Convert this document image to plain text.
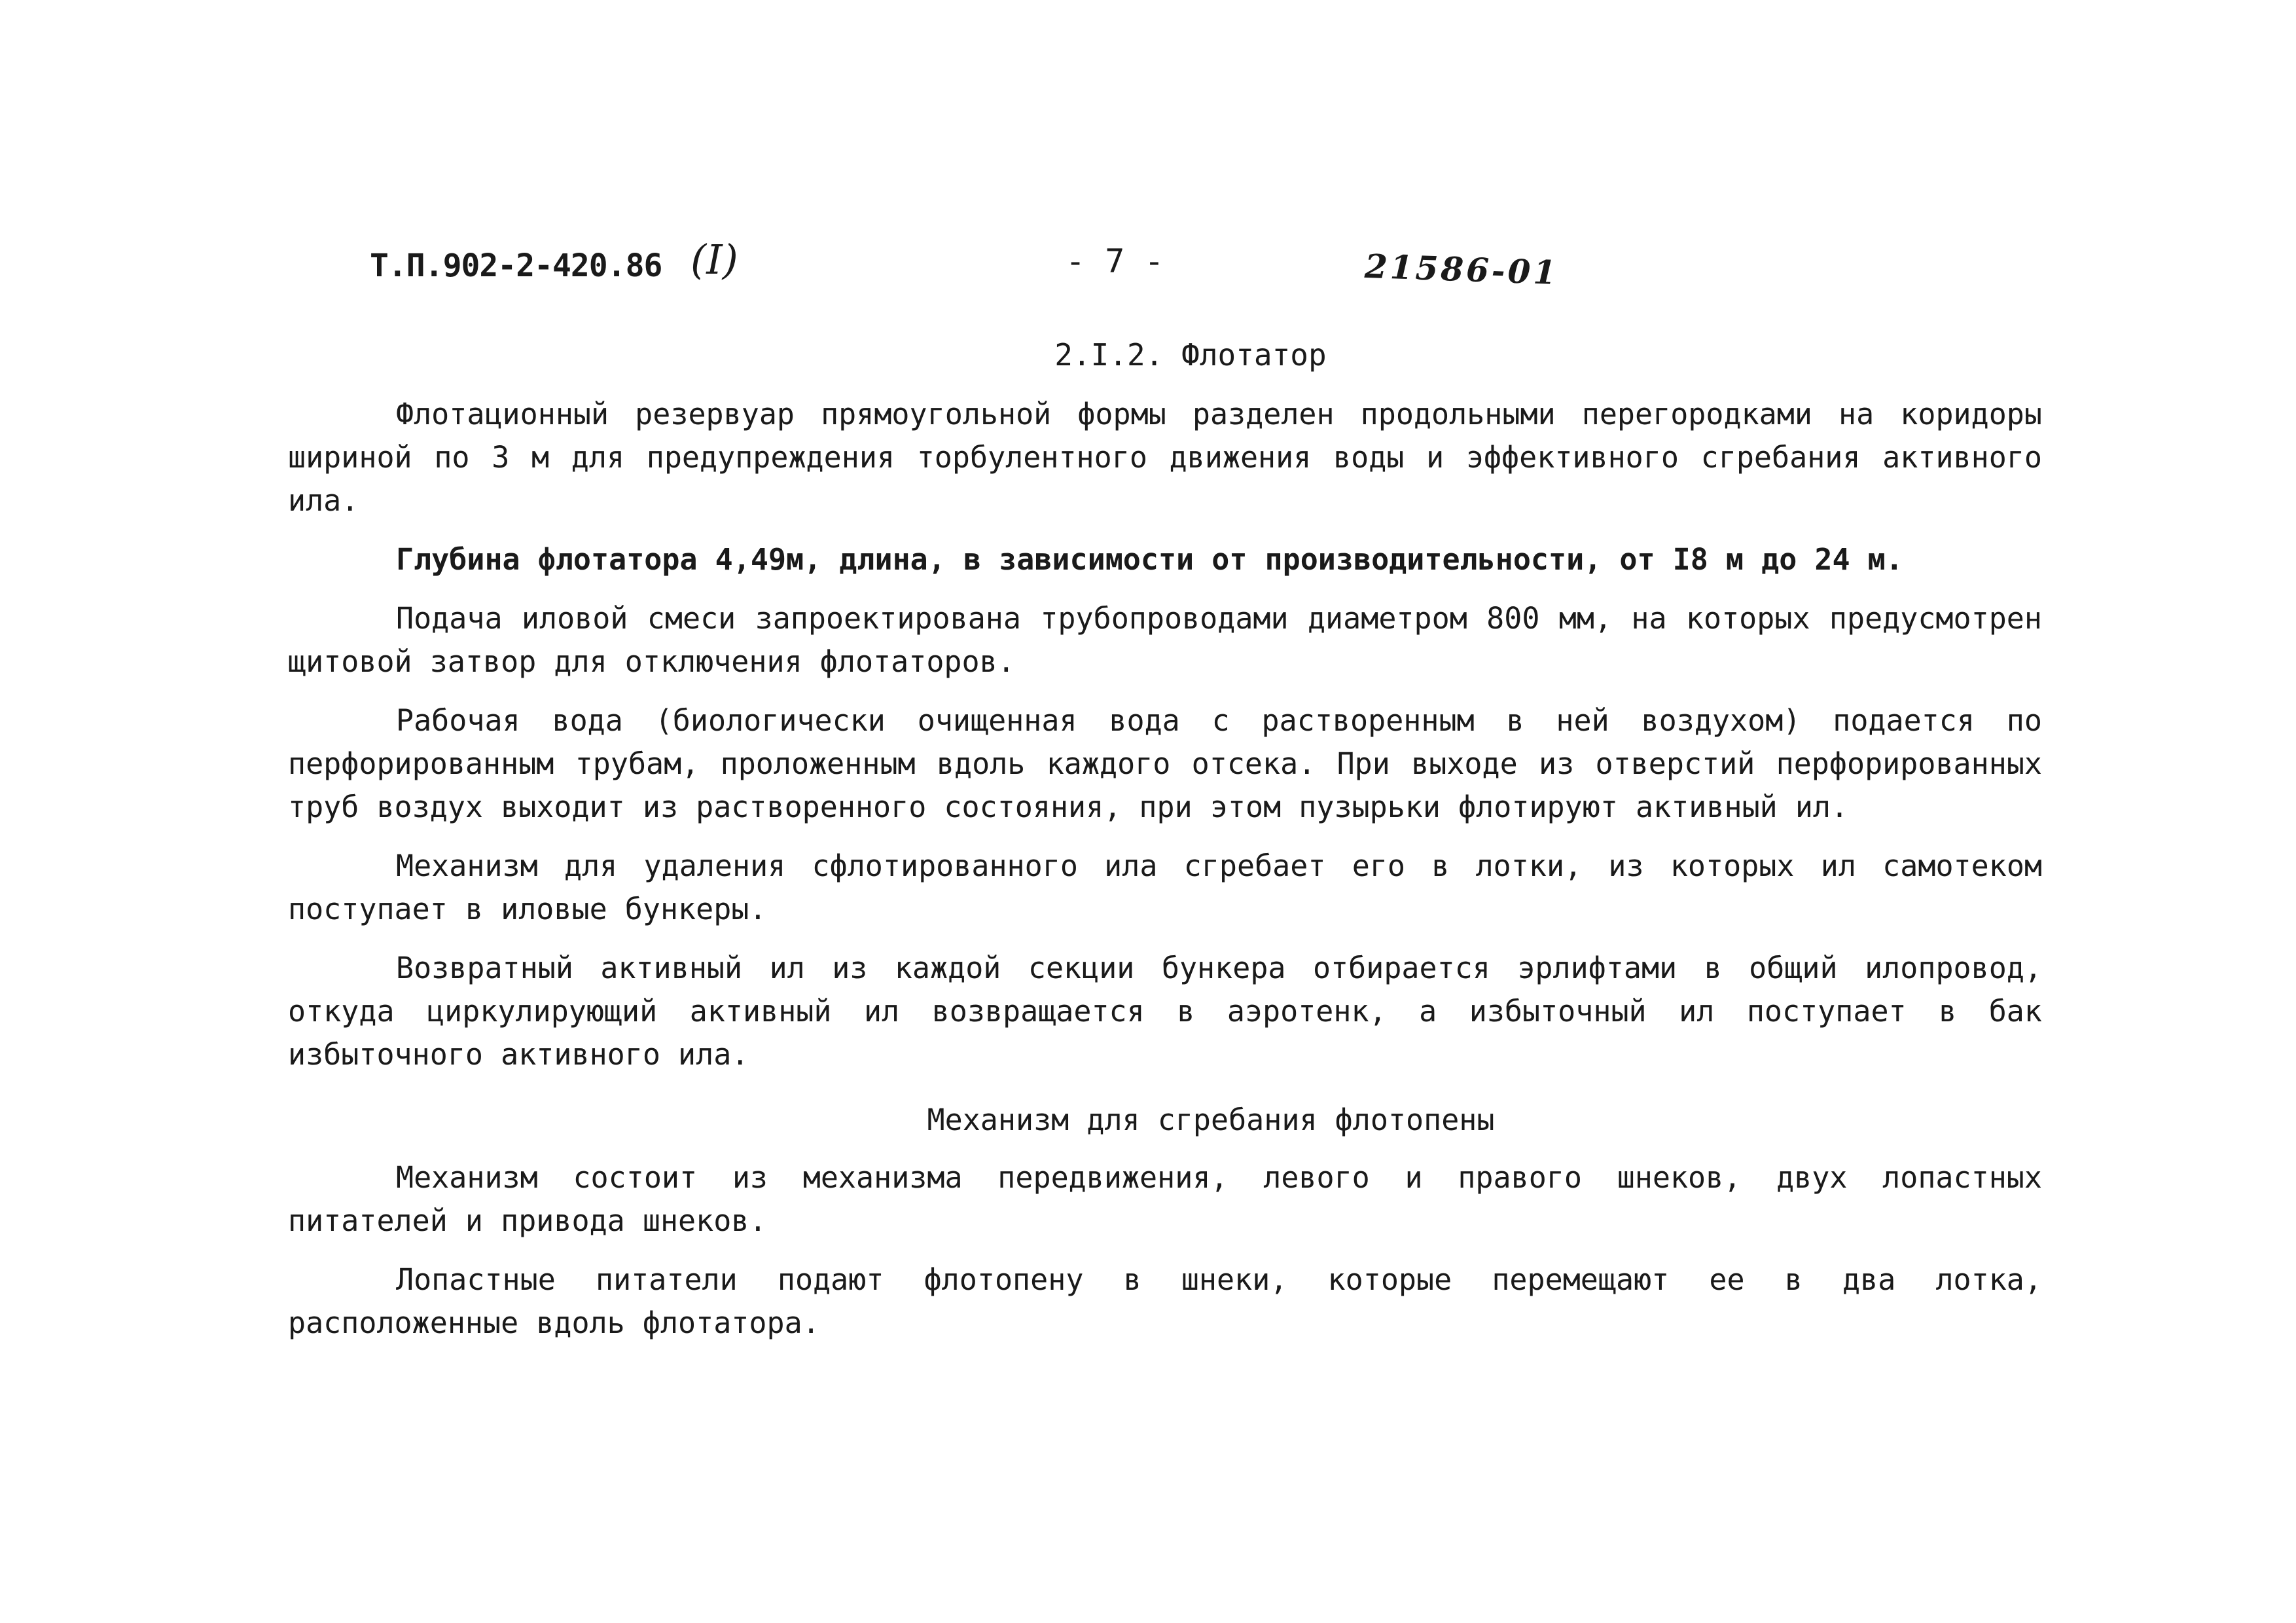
Т.П.902-2-420.86 (I)	- 7 -	21586-01
2.I.2. Флотатор

Флотационный резервуар прямоугольной формы разделен продольными перегородками на коридоры шириной по 3 м для предупреждения торбулентного движения воды и эффективного сгребания активного ила.

Глубина флотатора 4,49м, длина, в зависимости от производительности, от I8 м до 24 м.

Подача иловой смеси запроектирована трубопроводами диаметром 800 мм, на которых предусмотрен щитовой затвор для отключения флотаторов.

Рабочая вода (биологически очищенная вода с растворенным в ней воздухом) подается по перфорированным трубам, проложенным вдоль каждого отсека. При выходе из отверстий перфорированных труб воздух выходит из растворенного состояния, при этом пузырьки флотируют активный ил.

Механизм для удаления сфлотированного ила сгребает его в лотки, из которых ил самотеком поступает в иловые бункеры.

Возвратный активный ил из каждой секции бункера отбирается эрлифтами в общий илопровод, откуда циркулирующий активный ил возвращается в аэротенк, а избыточный ил поступает в бак избыточного активного ила.

Механизм для сгребания флотопены

Механизм состоит из механизма передвижения, левого и правого шнеков, двух лопастных питателей и привода шнеков.

Лопастные питатели подают флотопену в шнеки, которые перемещают ее в два лотка, расположенные вдоль флотатора.
